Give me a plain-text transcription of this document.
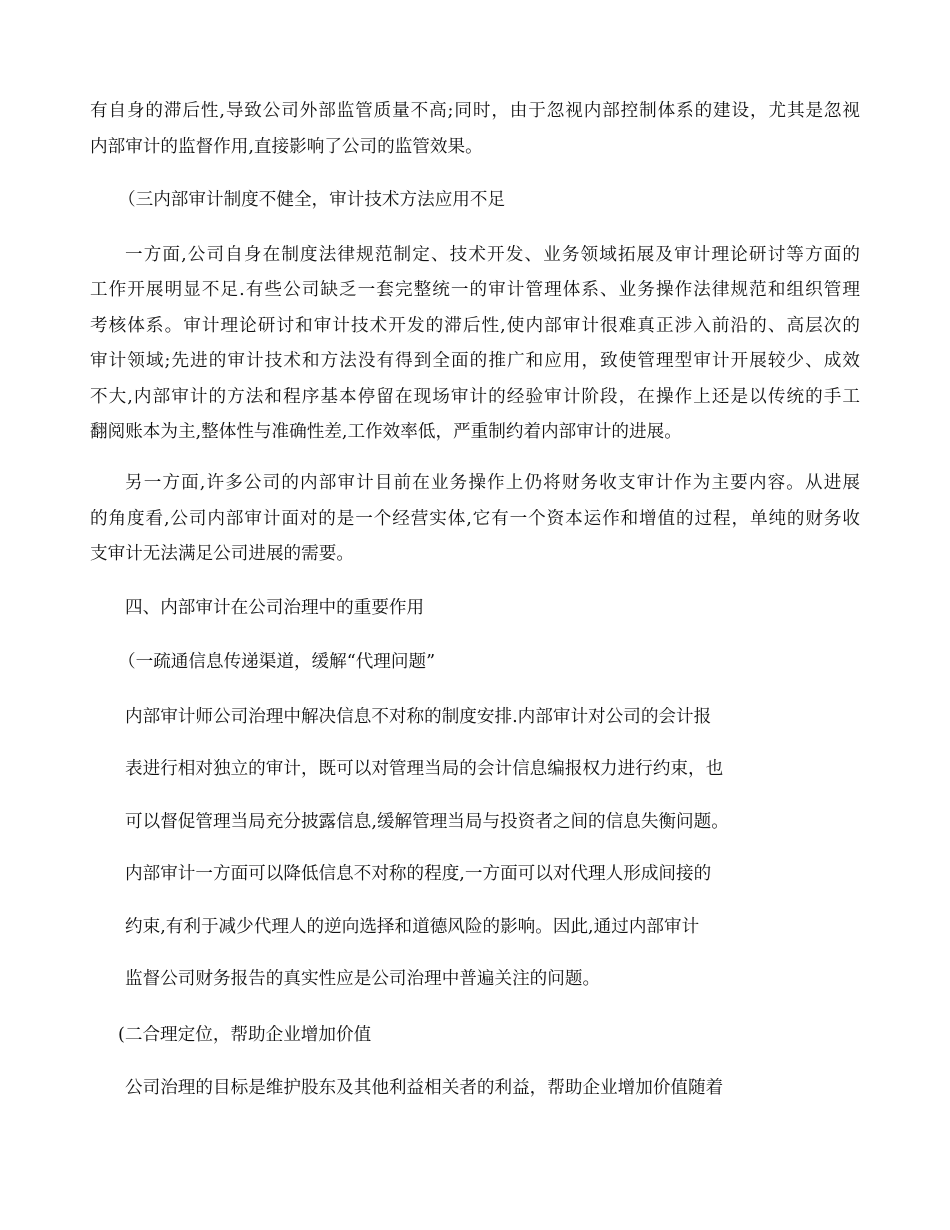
有自身的滞后性,导致公司外部监管质量不高;同时，由于忽视内部控制体系的建设，尤其是忽视
内部审计的监督作用,直接影响了公司的监管效果。
（三内部审计制度不健全，审计技术方法应用不足
一方面,公司自身在制度法律规范制定、技术开发、业务领域拓展及审计理论研讨等方面的
工作开展明显不足.有些公司缺乏一套完整统一的审计管理体系、业务操作法律规范和组织管理
考核体系。审计理论研讨和审计技术开发的滞后性,使内部审计很难真正涉入前沿的、高层次的
审计领域;先进的审计技术和方法没有得到全面的推广和应用，致使管理型审计开展较少、成效
不大,内部审计的方法和程序基本停留在现场审计的经验审计阶段，在操作上还是以传统的手工
翻阅账本为主,整体性与准确性差,工作效率低，严重制约着内部审计的进展。
另一方面,许多公司的内部审计目前在业务操作上仍将财务收支审计作为主要内容。从进展
的角度看,公司内部审计面对的是一个经营实体,它有一个资本运作和增值的过程，单纯的财务收
支审计无法满足公司进展的需要。
四、内部审计在公司治理中的重要作用
（一疏通信息传递渠道，缓解“代理问题”
内部审计师公司治理中解决信息不对称的制度安排.内部审计对公司的会计报
表进行相对独立的审计，既可以对管理当局的会计信息编报权力进行约束，也
可以督促管理当局充分披露信息,缓解管理当局与投资者之间的信息失衡问题。
内部审计一方面可以降低信息不对称的程度,一方面可以对代理人形成间接的
约束,有利于减少代理人的逆向选择和道德风险的影响。因此,通过内部审计
监督公司财务报告的真实性应是公司治理中普遍关注的问题。
(二合理定位，帮助企业增加价值
公司治理的目标是维护股东及其他利益相关者的利益，帮助企业增加价值随着
